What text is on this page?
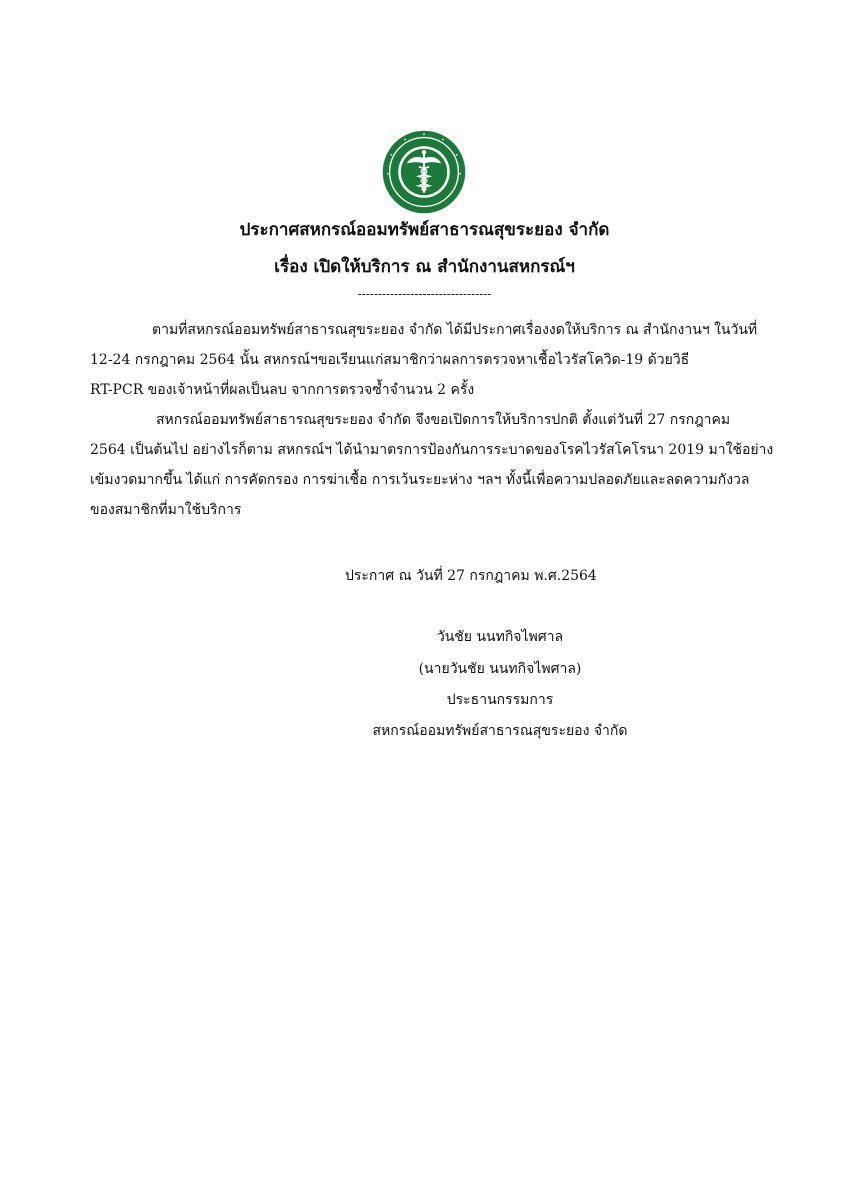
ประกาศสหกรณ์ออมทรัพย์สาธารณสุขระยอง จำกัด
เรื่อง เปิดให้บริการ ณ สำนักงานสหกรณ์ฯ
---------------------------------
ตามที่สหกรณ์ออมทรัพย์สาธารณสุขระยอง จำกัด ได้มีประกาศเรื่องงดให้บริการ ณ สำนักงานฯ ในวันที่
12-24 กรกฎาคม 2564 นั้น สหกรณ์ฯขอเรียนแก่สมาชิกว่าผลการตรวจหาเชื้อไวรัสโควิด-19 ด้วยวิธี
RT-PCR ของเจ้าหน้าที่ผลเป็นลบ จากการตรวจซ้ำจำนวน 2 ครั้ง
สหกรณ์ออมทรัพย์สาธารณสุขระยอง จำกัด จึงขอเปิดการให้บริการปกติ ตั้งแต่วันที่ 27 กรกฎาคม
2564 เป็นต้นไป อย่างไรก็ตาม สหกรณ์ฯ ได้นำมาตรการป้องกันการระบาดของโรคไวรัสโคโรนา 2019 มาใช้อย่าง
เข้มงวดมากขึ้น ได้แก่ การคัดกรอง การฆ่าเชื้อ การเว้นระยะห่าง ฯลฯ ทั้งนี้เพื่อความปลอดภัยและลดความกังวล
ของสมาชิกที่มาใช้บริการ
ประกาศ ณ วันที่ 27 กรกฎาคม พ.ศ.2564
วันชัย นนทกิจไพศาล
(นายวันชัย นนทกิจไพศาล)
ประธานกรรมการ
สหกรณ์ออมทรัพย์สาธารณสุขระยอง จำกัด
